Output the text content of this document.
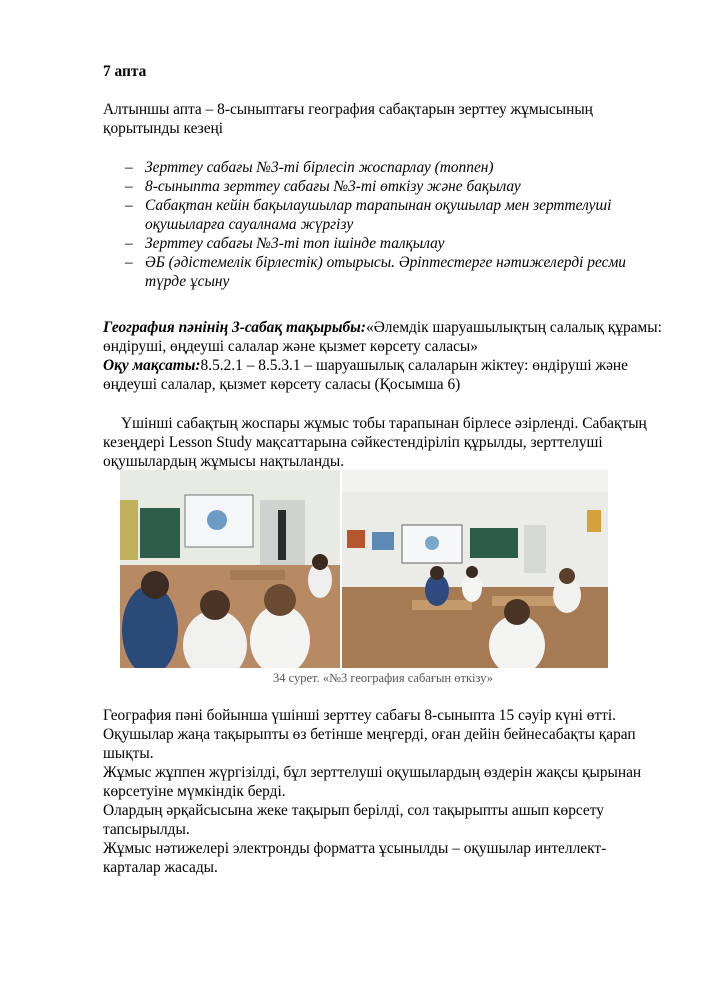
7 апта

Алтыншы апта – 8-сыныптағы география сабақтарын зерттеу жұмысының қорытынды кезеңі

– Зерттеу сабағы №3-ті бірлесіп жоспарлау (топпен)
– 8-сыныпта зерттеу сабағы №3-ті өткізу және бақылау
– Сабақтан кейін бақылаушылар тарапынан оқушылар мен зерттелуші оқушыларға сауалнама жүргізу
– Зерттеу сабағы №3-ті топ ішінде талқылау
– ӘБ (әдістемелік бірлестік) отырысы. Әріптестерге нәтижелерді ресми түрде ұсыну

География пәнінің 3-сабақ тақырыбы:«Әлемдік шаруашылықтың салалық құрамы: өндіруші, өңдеуші салалар және қызмет көрсету саласы»

Оқу мақсаты:8.5.2.1 – 8.5.3.1 – шаруашылық салаларын жіктеу: өндіруші және өңдеуші салалар, қызмет көрсету саласы (Қосымша 6)

Үшінші сабақтың жоспары жұмыс тобы тарапынан бірлесе әзірленді. Сабақтың кезеңдері Lesson Study мақсаттарына сәйкестендіріліп құрылды, зерттелуші оқушылардың жұмысы нақтыланды.

География пәні бойынша үшінші зерттеу сабағы 8-сыныпта 15 сәуір күні өтті.

Оқушылар жаңа тақырыпты өз бетінше меңгерді, оған дейін бейнесабақты қарап шықты.

Жұмыс жұппен жүргізілді, бұл зерттелуші оқушылардың өздерін жақсы қырынан көрсетуіне мүмкіндік берді.

Олардың әрқайсысына жеке тақырып берілді, сол тақырыпты ашып көрсету тапсырылды.

Жұмыс нәтижелері электронды форматта ұсынылды – оқушылар интеллект-карталар жасады.

34 сурет. «№3 география сабағын өткізу»
